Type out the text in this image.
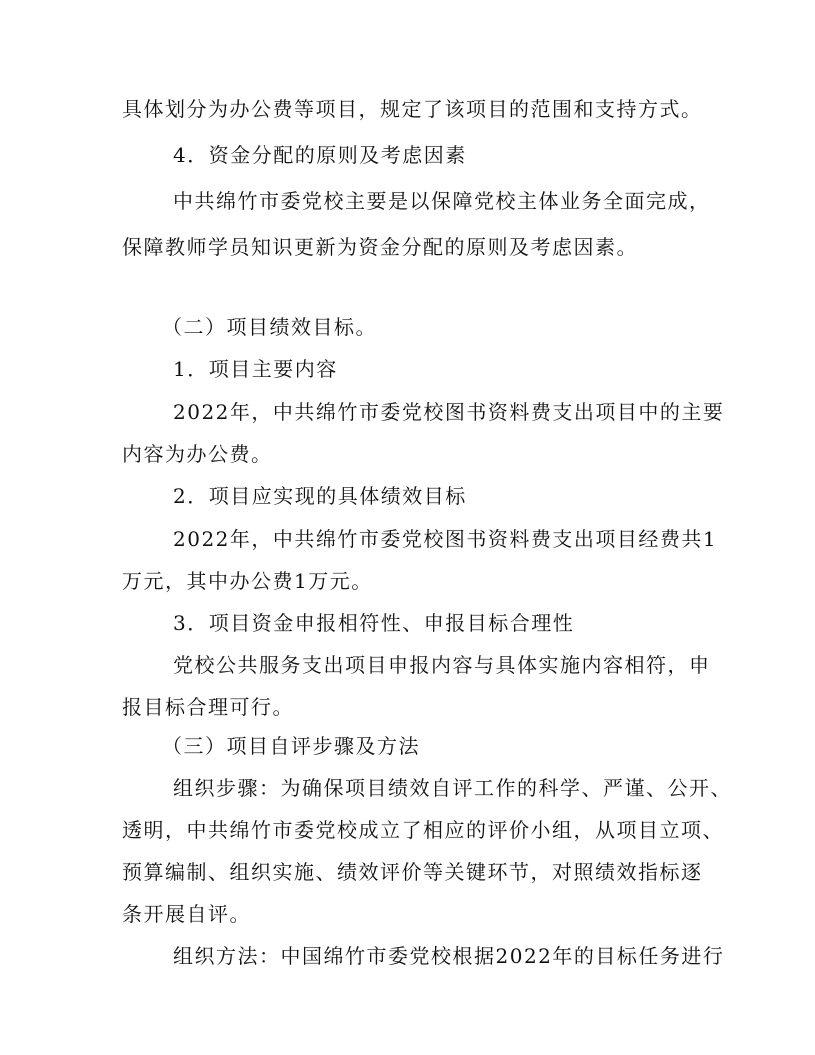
具体划分为办公费等项目，规定了该项目的范围和支持方式。
4．资金分配的原则及考虑因素
中共绵竹市委党校主要是以保障党校主体业务全面完成，
保障教师学员知识更新为资金分配的原则及考虑因素。
（二）项目绩效目标。
1．项目主要内容
2022年，中共绵竹市委党校图书资料费支出项目中的主要
内容为办公费。
2．项目应实现的具体绩效目标
2022年，中共绵竹市委党校图书资料费支出项目经费共1
万元，其中办公费1万元。
3．项目资金申报相符性、申报目标合理性
党校公共服务支出项目申报内容与具体实施内容相符，申
报目标合理可行。
（三）项目自评步骤及方法
组织步骤：为确保项目绩效自评工作的科学、严谨、公开、
透明，中共绵竹市委党校成立了相应的评价小组，从项目立项、
预算编制、组织实施、绩效评价等关键环节，对照绩效指标逐
条开展自评。
组织方法：中国绵竹市委党校根据2022年的目标任务进行
